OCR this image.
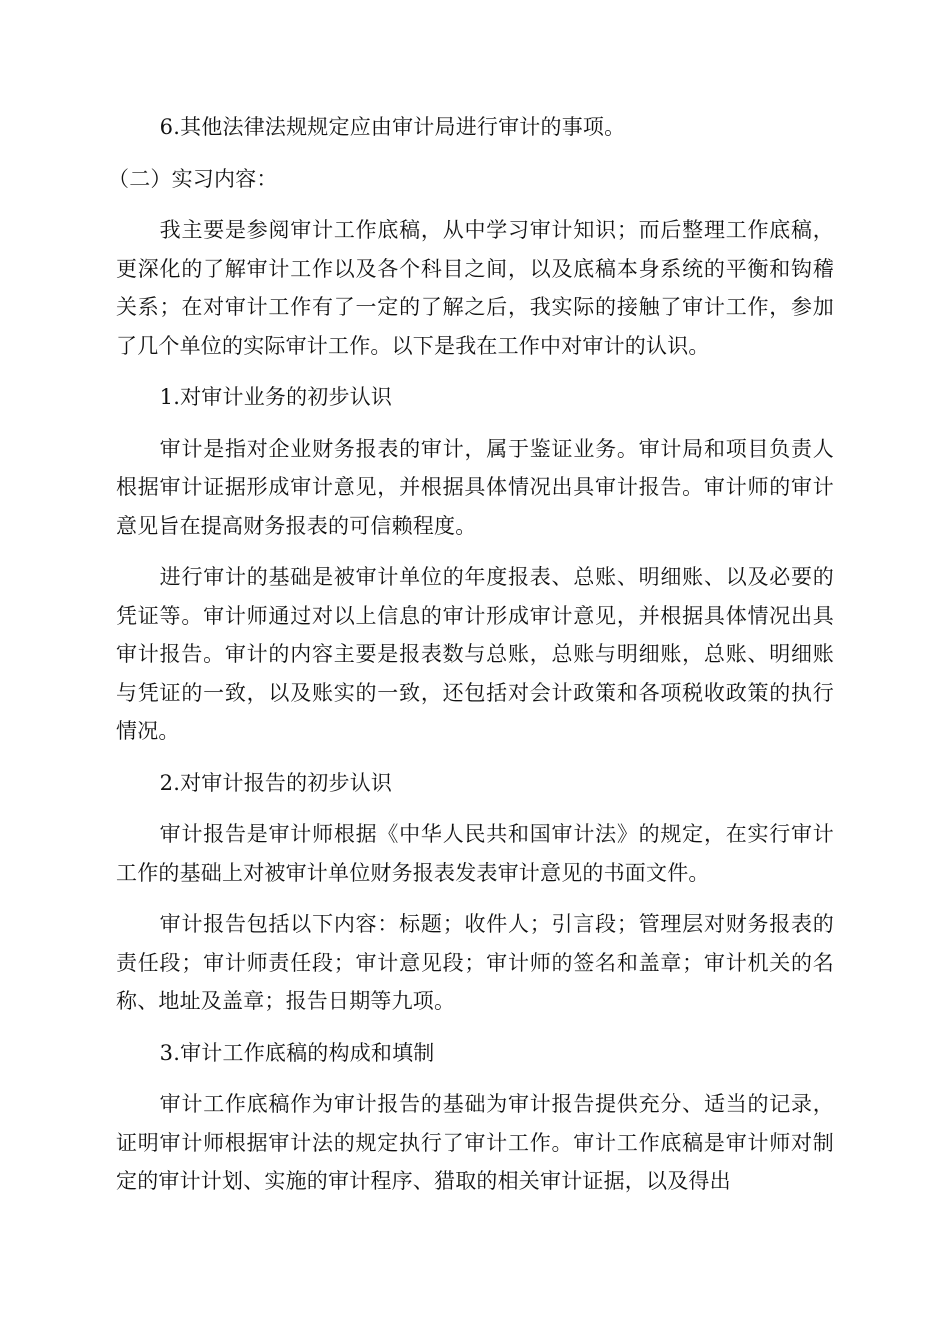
6.其他法律法规规定应由审计局进行审计的事项。

（二）实习内容：

我主要是参阅审计工作底稿，从中学习审计知识；而后整理工作底稿，更深化的了解审计工作以及各个科目之间，以及底稿本身系统的平衡和钩稽关系；在对审计工作有了一定的了解之后，我实际的接触了审计工作，参加了几个单位的实际审计工作。以下是我在工作中对审计的认识。

1.对审计业务的初步认识

审计是指对企业财务报表的审计，属于鉴证业务。审计局和项目负责人根据审计证据形成审计意见，并根据具体情况出具审计报告。审计师的审计意见旨在提高财务报表的可信赖程度。

进行审计的基础是被审计单位的年度报表、总账、明细账、以及必要的凭证等。审计师通过对以上信息的审计形成审计意见，并根据具体情况出具审计报告。审计的内容主要是报表数与总账，总账与明细账，总账、明细账与凭证的一致，以及账实的一致，还包括对会计政策和各项税收政策的执行情况。

2.对审计报告的初步认识

审计报告是审计师根据《中华人民共和国审计法》的规定，在实行审计工作的基础上对被审计单位财务报表发表审计意见的书面文件。

审计报告包括以下内容：标题；收件人；引言段；管理层对财务报表的责任段；审计师责任段；审计意见段；审计师的签名和盖章；审计机关的名称、地址及盖章；报告日期等九项。

3.审计工作底稿的构成和填制

审计工作底稿作为审计报告的基础为审计报告提供充分、适当的记录，证明审计师根据审计法的规定执行了审计工作。审计工作底稿是审计师对制定的审计计划、实施的审计程序、猎取的相关审计证据，以及得出
